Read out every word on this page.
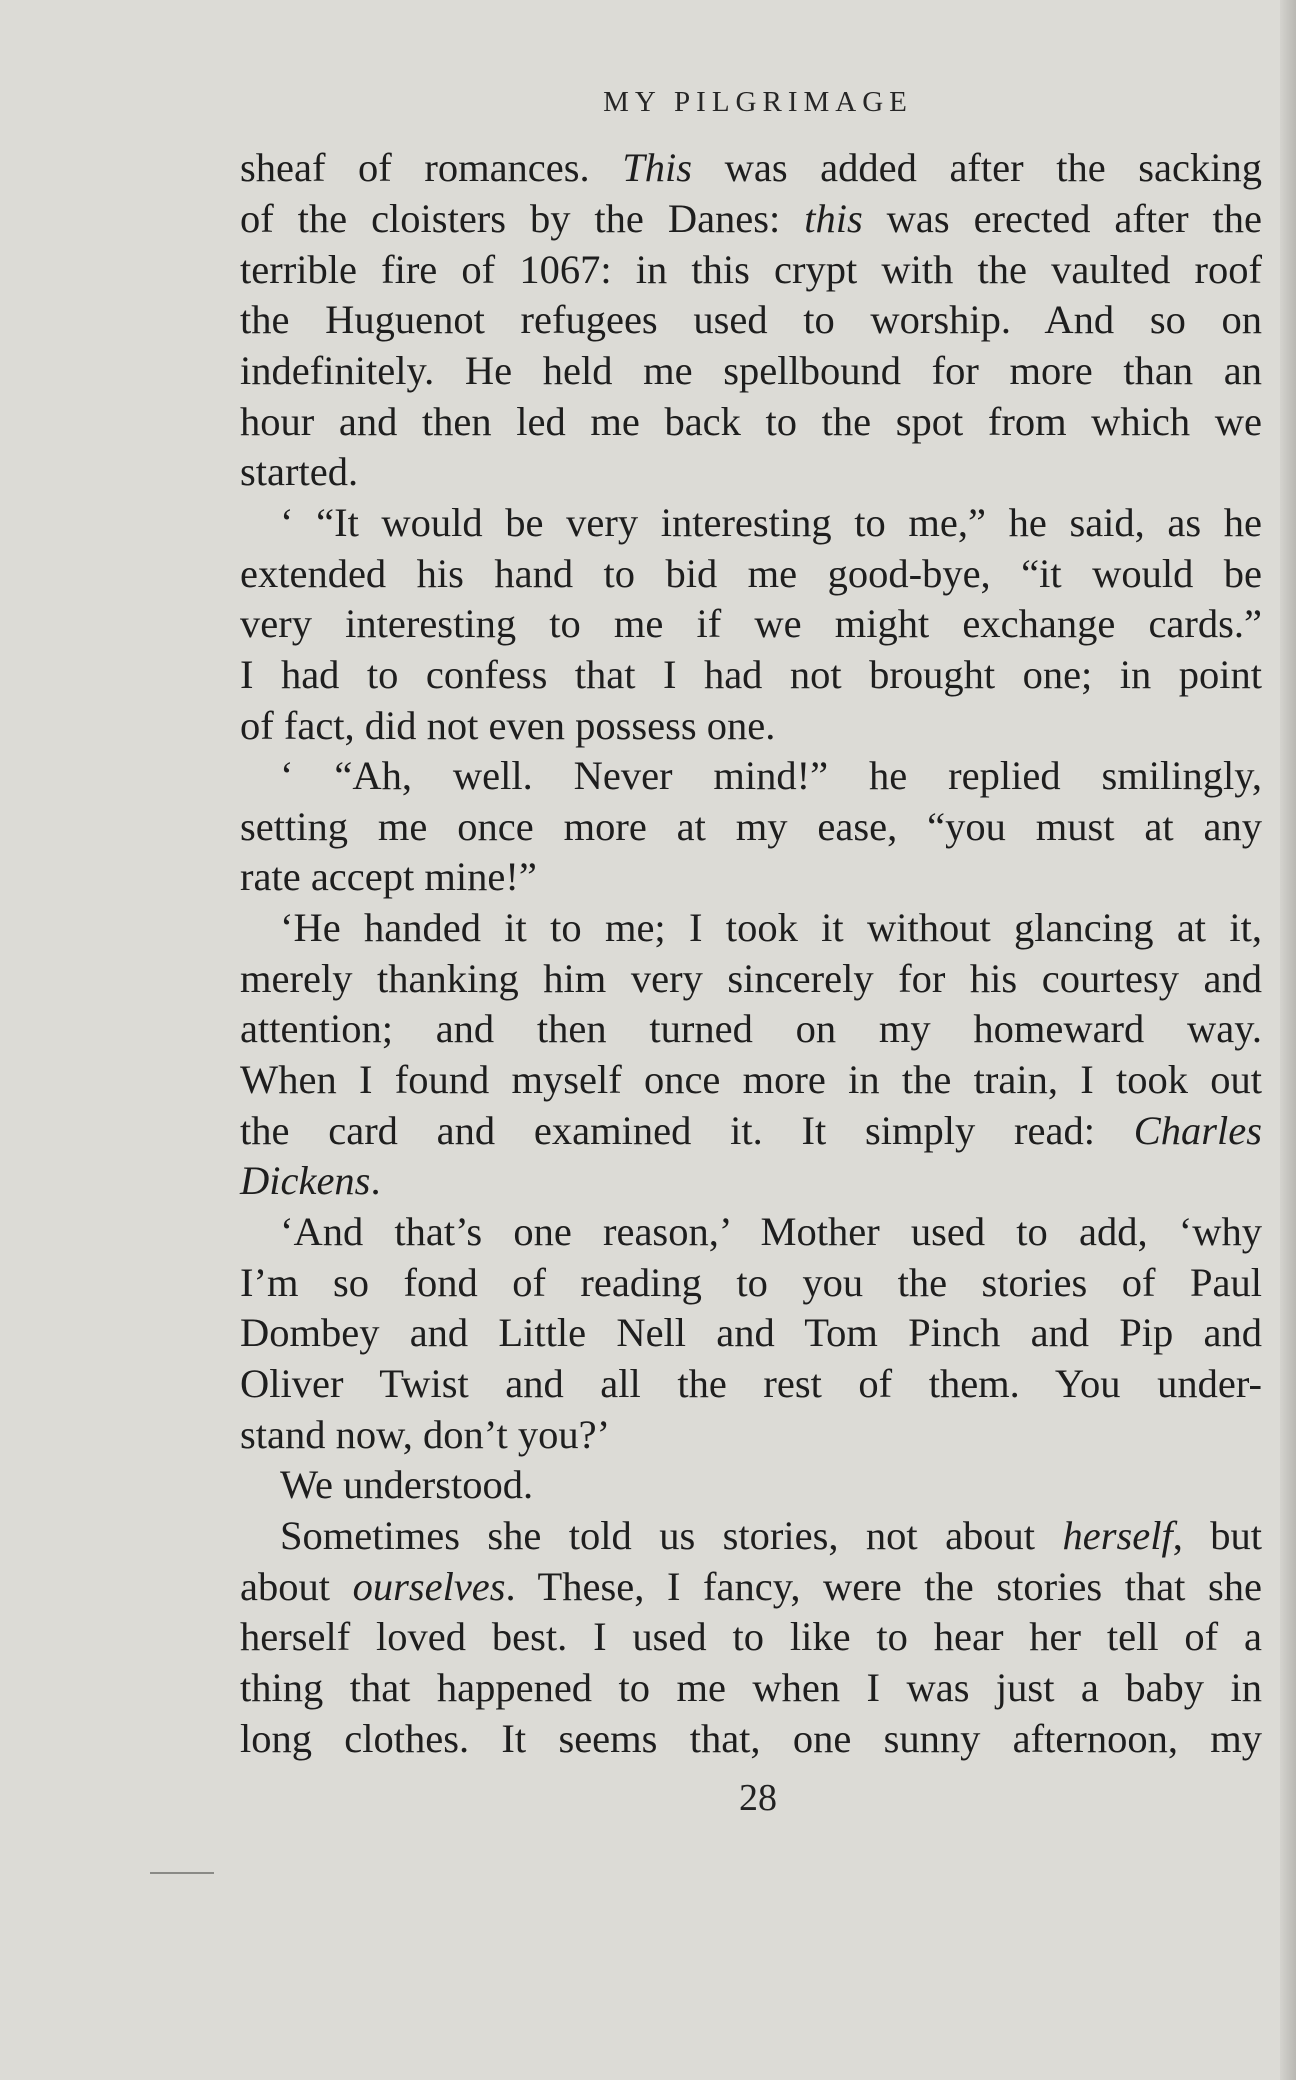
MY PILGRIMAGE
sheaf of romances. This was added after the sacking
of the cloisters by the Danes: this was erected after the
terrible fire of 1067: in this crypt with the vaulted roof
the Huguenot refugees used to worship. And so on
indefinitely. He held me spellbound for more than an
hour and then led me back to the spot from which we
started.
‘ “It would be very interesting to me,” he said, as he
extended his hand to bid me good-bye, “it would be
very interesting to me if we might exchange cards.”
I had to confess that I had not brought one; in point
of fact, did not even possess one.
‘ “Ah, well. Never mind!” he replied smilingly,
setting me once more at my ease, “you must at any
rate accept mine!”
‘He handed it to me; I took it without glancing at it,
merely thanking him very sincerely for his courtesy and
attention; and then turned on my homeward way.
When I found myself once more in the train, I took out
the card and examined it. It simply read: Charles
Dickens.
‘And that’s one reason,’ Mother used to add, ‘why
I’m so fond of reading to you the stories of Paul
Dombey and Little Nell and Tom Pinch and Pip and
Oliver Twist and all the rest of them. You under-
stand now, don’t you?’
We understood.
Sometimes she told us stories, not about herself, but
about ourselves. These, I fancy, were the stories that she
herself loved best. I used to like to hear her tell of a
thing that happened to me when I was just a baby in
long clothes. It seems that, one sunny afternoon, my
28
